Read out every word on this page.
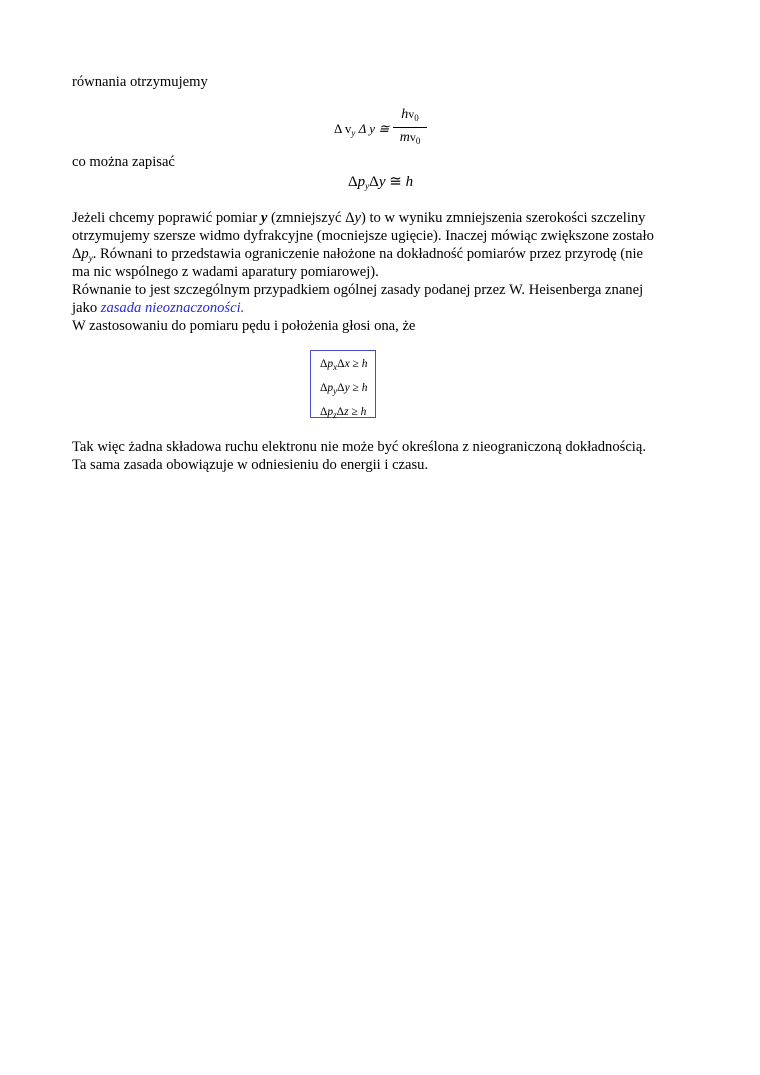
równania otrzymujemy

Δ $v_y$ Δ y ≅
$hv_0$
$mv_0$

co można zapisać

$\Delta p_y\Delta y$ ≅ h

Jeżeli chcemy poprawić pomiar y (zmniejszyć Δy) to w wyniku zmniejszenia szerokości szczeliny

otrzymujemy szersze widmo dyfrakcyjne (mocniejsze ugięcie). Inaczej mówiąc zwiększone zostało

$\Delta p_y$. Równani to przedstawia ograniczenie nałożone na dokładność pomiarów przez przyrodę (nie

ma nic wspólnego z wadami aparatury pomiarowej).

Równanie to jest szczególnym przypadkiem ogólnej zasady podanej przez W. Heisenberga znanej

jako zasada nieoznaczoności.

W zastosowaniu do pomiaru pędu i położenia głosi ona, że

$\Delta p_x\Delta x \ge h$
$\Delta p_y\Delta y \ge h$
$\Delta p_z\Delta z \ge h$

Tak więc żadna składowa ruchu elektronu nie może być określona z nieograniczoną dokładnością.

Ta sama zasada obowiązuje w odniesieniu do energii i czasu.
